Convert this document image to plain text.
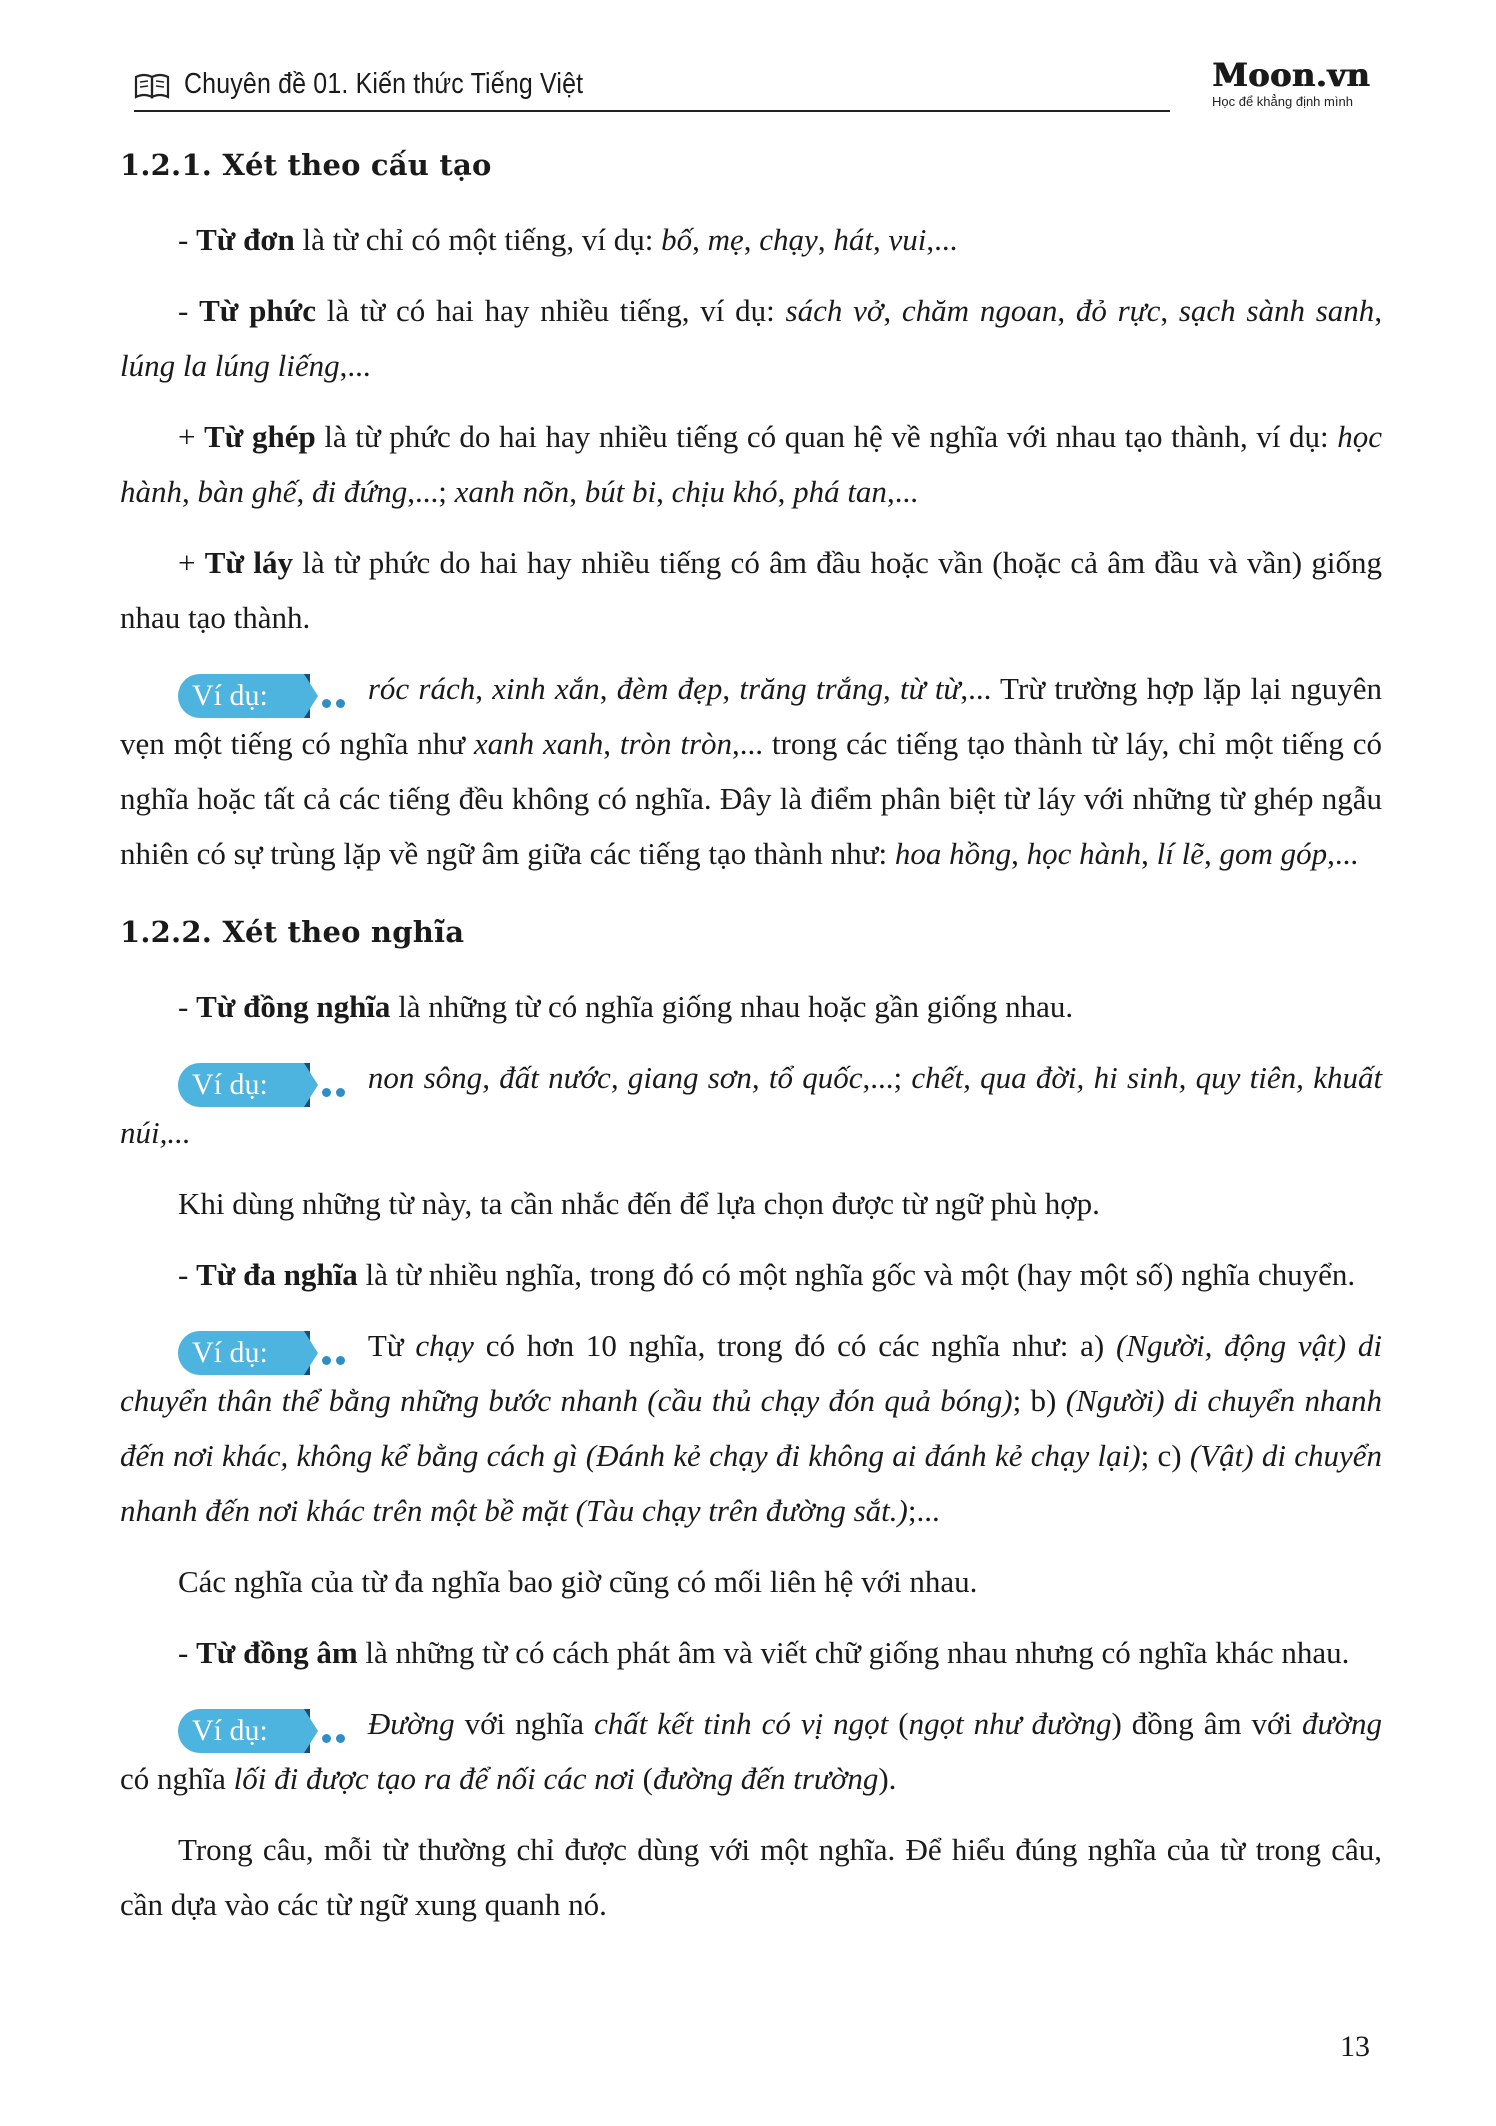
Chuyên đề 01. Kiến thức Tiếng Việt	Moon.vn
Học để khẳng định mình
1.2.1. Xét theo cấu tạo

- Từ đơn là từ chỉ có một tiếng, ví dụ: bố, mẹ, chạy, hát, vui,...

- Từ phức là từ có hai hay nhiều tiếng, ví dụ: sách vở, chăm ngoan, đỏ rực, sạch sành sanh, lúng la lúng liếng,...

+ Từ ghép là từ phức do hai hay nhiều tiếng có quan hệ về nghĩa với nhau tạo thành, ví dụ: học hành, bàn ghế, đi đứng,...; xanh nõn, bút bi, chịu khó, phá tan,...

+ Từ láy là từ phức do hai hay nhiều tiếng có âm đầu hoặc vần (hoặc cả âm đầu và vần) giống nhau tạo thành.

Ví dụ:	róc rách, xinh xắn, đèm đẹp, trăng trắng, từ từ,... Trừ trường hợp lặp lại nguyên vẹn một tiếng có nghĩa như xanh xanh, tròn tròn,... trong các tiếng tạo thành từ láy, chỉ một tiếng có nghĩa hoặc tất cả các tiếng đều không có nghĩa. Đây là điểm phân biệt từ láy với những từ ghép ngẫu nhiên có sự trùng lặp về ngữ âm giữa các tiếng tạo thành như: hoa hồng, học hành, lí lẽ, gom góp,...

1.2.2. Xét theo nghĩa

- Từ đồng nghĩa là những từ có nghĩa giống nhau hoặc gần giống nhau.

Ví dụ:	non sông, đất nước, giang sơn, tổ quốc,...; chết, qua đời, hi sinh, quy tiên, khuất núi,...

Khi dùng những từ này, ta cần nhắc đến để lựa chọn được từ ngữ phù hợp.

- Từ đa nghĩa là từ nhiều nghĩa, trong đó có một nghĩa gốc và một (hay một số) nghĩa chuyển.

Ví dụ:	Từ chạy có hơn 10 nghĩa, trong đó có các nghĩa như: a) (Người, động vật) di chuyển thân thể bằng những bước nhanh (cầu thủ chạy đón quả bóng); b) (Người) di chuyển nhanh đến nơi khác, không kể bằng cách gì (Đánh kẻ chạy đi không ai đánh kẻ chạy lại); c) (Vật) di chuyển nhanh đến nơi khác trên một bề mặt (Tàu chạy trên đường sắt.);...

Các nghĩa của từ đa nghĩa bao giờ cũng có mối liên hệ với nhau.

- Từ đồng âm là những từ có cách phát âm và viết chữ giống nhau nhưng có nghĩa khác nhau.

Ví dụ:	Đường với nghĩa chất kết tinh có vị ngọt (ngọt như đường) đồng âm với đường có nghĩa lối đi được tạo ra để nối các nơi (đường đến trường).

Trong câu, mỗi từ thường chỉ được dùng với một nghĩa. Để hiểu đúng nghĩa của từ trong câu, cần dựa vào các từ ngữ xung quanh nó.

13
